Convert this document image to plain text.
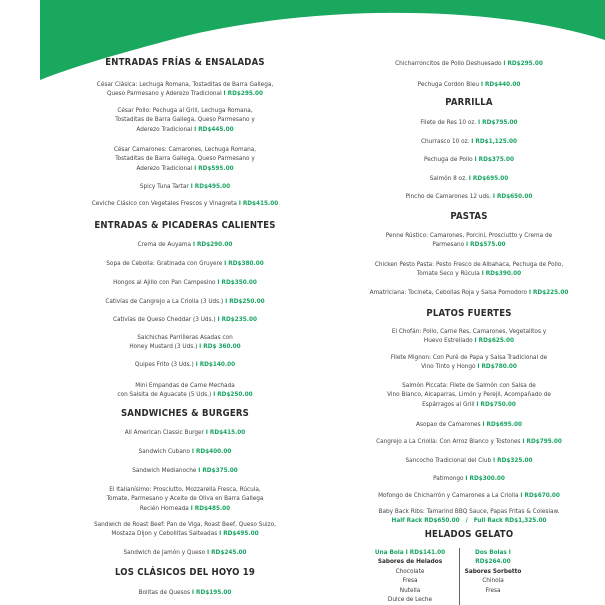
ENTRADAS FRÍAS & ENSALADAS
César Clásica: Lechuga Romana, Tostaditas de Barra Gallega,
Queso Parmesano y Aderezo Tradicional I RD$295.00
César Pollo: Pechuga al Grill, Lechuga Romana,
Tostaditas de Barra Gallega, Queso Parmesano y
Aderezo Tradicional I RD$445.00
César Camarones: Camarones, Lechuga Romana,
Tostaditas de Barra Gallega, Queso Parmesano y
Aderezo Tradicional I RD$595.00
Spicy Tuna Tartar I RD$495.00
Ceviche Clásico con Vegetales Frescos y Vinagreta I RD$415.00
ENTRADAS & PICADERAS CALIENTES
Crema de Auyama I RD$290.00
Sopa de Cebolla: Gratinada con Gruyere I RD$380.00
Hongos al Ajillo con Pan Campesino I RD$350.00
Cativías de Cangrejo a La Criolla (3 Uds.) I RD$250.00
Cativías de Queso Cheddar (3 Uds.) I RD$235.00
Salchichas Parrilleras Asadas con
Honey Mustard (3 Uds.) I RD$ 360.00
Quipes Frito (3 Uds.) I RD$140.00
Mini Empandas de Carne Mechada
con Salsita de Aguacate (5 Uds.) I RD$250.00
SANDWICHES & BURGERS
All American Classic Burger I RD$415.00
Sandwich Cubano I RD$400.00
Sandwich Medianoche I RD$375.00
El Italianísimo: Prosciutto, Mozzarella Fresca, Rúcula,
Tomate, Parmesano y Aceite de Oliva en Barra Gallega
Recién Horneada I RD$485.00
Sandwich de Roast Beef: Pan de Viga, Roast Beef, Queso Suizo,
Mostaza Dijon y Cebollitas Salteadas I RD$495.00
Sandwich de Jamón y Queso I RD$245.00
LOS CLÁSICOS DEL HOYO 19
Bolitas de Quesos I RD$195.00
Chicharroncitos de Pollo Deshuesado I RD$295.00
Pechuga Cordon Bleu I RD$440.00
PARRILLA
Filete de Res 10 oz. I RD$795.00
Churrasco 10 oz. I RD$1,125.00
Pechuga de Pollo I RD$375.00
Salmón 8 oz. I RD$695.00
Pincho de Camarones 12 uds. I RD$650.00
PASTAS
Penne Rústico: Camarones, Porcini, Prosciutto y Crema de
Parmesano I RD$575.00
Chicken Pesto Pasta: Pesto Fresco de Albahaca, Pechuga de Pollo,
Tomate Seco y Rúcula I RD$390.00
Amatriciana: Tocineta, Cebollas Roja y Salsa Pomodoro I RD$225.00
PLATOS FUERTES
El Chofán: Pollo, Carne Res, Camarones, Vegetalitos y
Huevo Estrellado I RD$625.00
Filete Mignon: Con Puré de Papa y Salsa Tradicional de
Vino Tinto y Hongo I RD$780.00
Salmón Piccata: Filete de Salmón con Salsa de
Vino Blanco, Alcaparras, Limón y Perejil, Acompañado de
Espárragos al Grill I RD$750.00
Asopao de Camarones I RD$695.00
Cangrejo a La Criolla: Con Arroz Blanco y Tostones I RD$795.00
Sancocho Tradicional del Club I RD$325.00
Patimongo I RD$300.00
Mofongo de Chicharrón y Camarones a La Criolla I RD$670.00
Baby Back Ribs: Tamarind BBQ Sauce, Papas Fritas & Coleslaw.
Half Rack RD$650.00   /   Full Rack RD$1,325.00
HELADOS GELATO
Una Bola I RD$141.00
Sabores de Helados
Chocolate
Fresa
Nutella
Dulce de Leche
Dos Bolas I RD$264.00
Sabores Sorbetto
Chinola
Fresa
